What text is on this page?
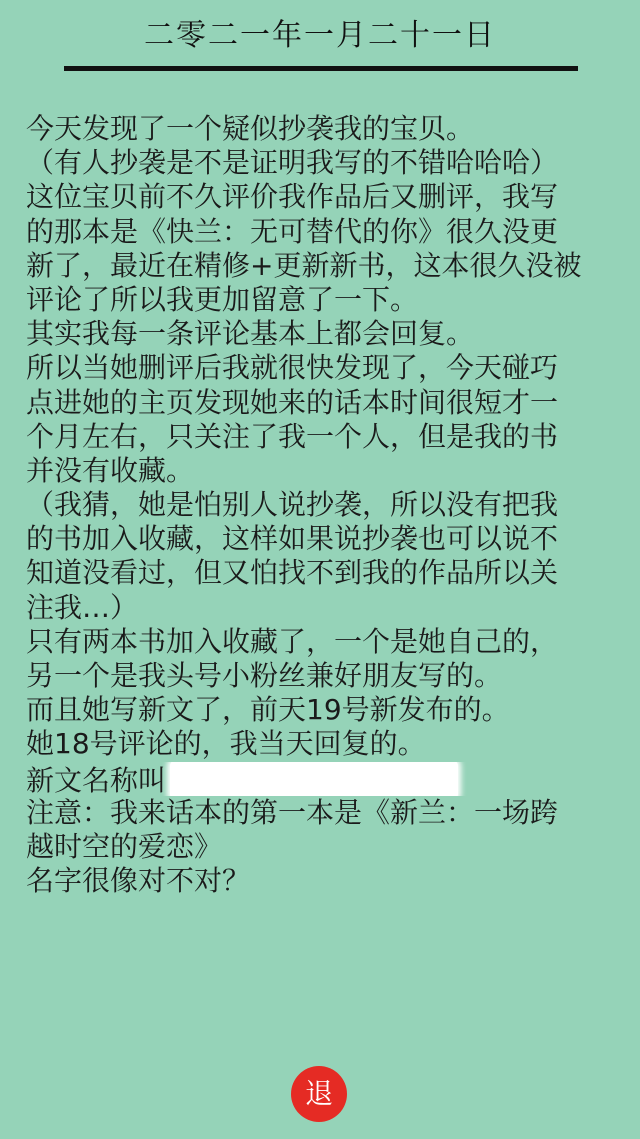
二零二一年一月二十一日
今天发现了一个疑似抄袭我的宝贝。
（有人抄袭是不是证明我写的不错哈哈哈）
这位宝贝前不久评价我作品后又删评，我写
的那本是《快兰：无可替代的你》很久没更
新了，最近在精修+更新新书，这本很久没被
评论了所以我更加留意了一下。
其实我每一条评论基本上都会回复。
所以当她删评后我就很快发现了，今天碰巧
点进她的主页发现她来的话本时间很短才一
个月左右，只关注了我一个人，但是我的书
并没有收藏。
（我猜，她是怕别人说抄袭，所以没有把我
的书加入收藏，这样如果说抄袭也可以说不
知道没看过，但又怕找不到我的作品所以关
注我…）
只有两本书加入收藏了，一个是她自己的，
另一个是我头号小粉丝兼好朋友写的。
而且她写新文了，前天19号新发布的。
她18号评论的，我当天回复的。
新文名称叫
注意：我来话本的第一本是《新兰：一场跨
越时空的爱恋》
名字很像对不对？
退
